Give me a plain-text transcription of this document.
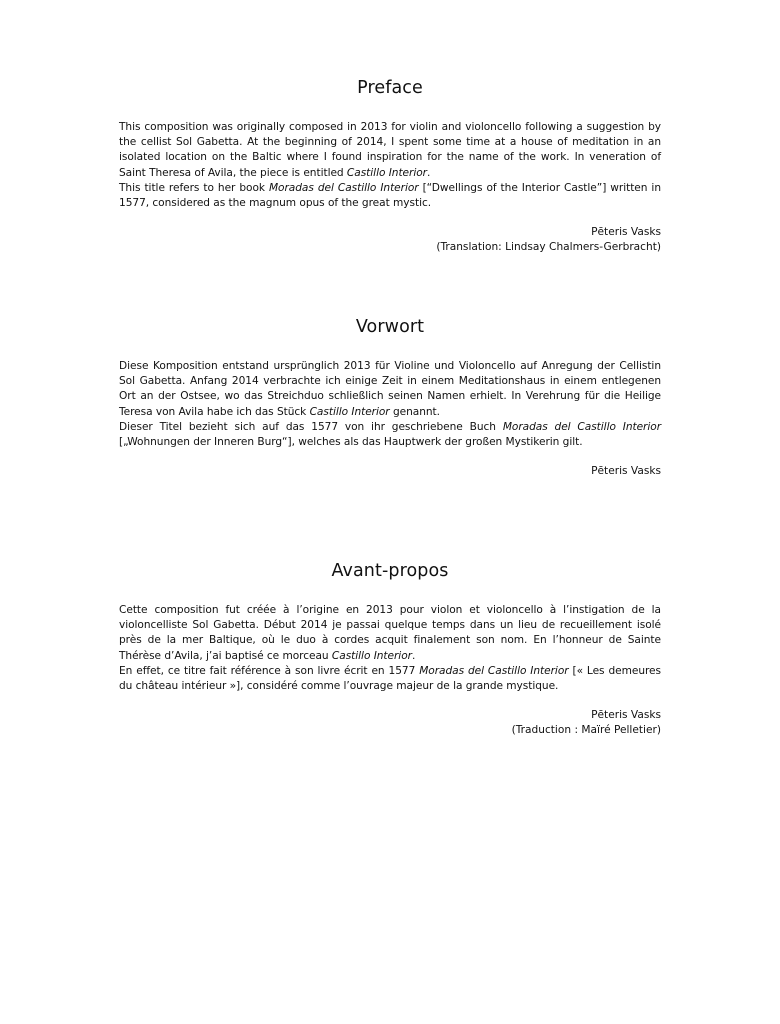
Preface

This composition was originally composed in 2013 for violin and violoncello following a suggestion by the cellist Sol Gabetta. At the beginning of 2014, I spent some time at a house of meditation in an isolated location on the Baltic where I found inspiration for the name of the work. In veneration of Saint Theresa of Avila, the piece is entitled Castillo Interior.

This title refers to her book Moradas del Castillo Interior [“Dwellings of the Interior Castle”] written in 1577, considered as the magnum opus of the great mystic.

Pēteris Vasks
(Translation: Lindsay Chalmers-Gerbracht)
Vorwort

Diese Komposition entstand ursprünglich 2013 für Violine und Violoncello auf Anregung der Cellistin Sol Gabetta. Anfang 2014 verbrachte ich einige Zeit in einem Meditationshaus in einem entlegenen Ort an der Ostsee, wo das Streichduo schließlich seinen Namen erhielt. In Verehrung für die Heilige Teresa von Avila habe ich das Stück Castillo Interior genannt.

Dieser Titel bezieht sich auf das 1577 von ihr geschriebene Buch Moradas del Castillo Interior [„Wohnungen der Inneren Burg“], welches als das Hauptwerk der großen Mystikerin gilt.

Pēteris Vasks
Avant-propos

Cette composition fut créée à l’origine en 2013 pour violon et violoncello à l’instigation de la violoncelliste Sol Gabetta. Début 2014 je passai quelque temps dans un lieu de recueillement isolé près de la mer Baltique, où le duo à cordes acquit finalement son nom. En l’honneur de Sainte Thérèse d’Avila, j’ai baptisé ce morceau Castillo Interior.

En effet, ce titre fait référence à son livre écrit en 1577 Moradas del Castillo Interior [« Les demeures du château intérieur »], considéré comme l’ouvrage majeur de la grande mystique.

Pēteris Vasks
(Traduction : Maïré Pelletier)
